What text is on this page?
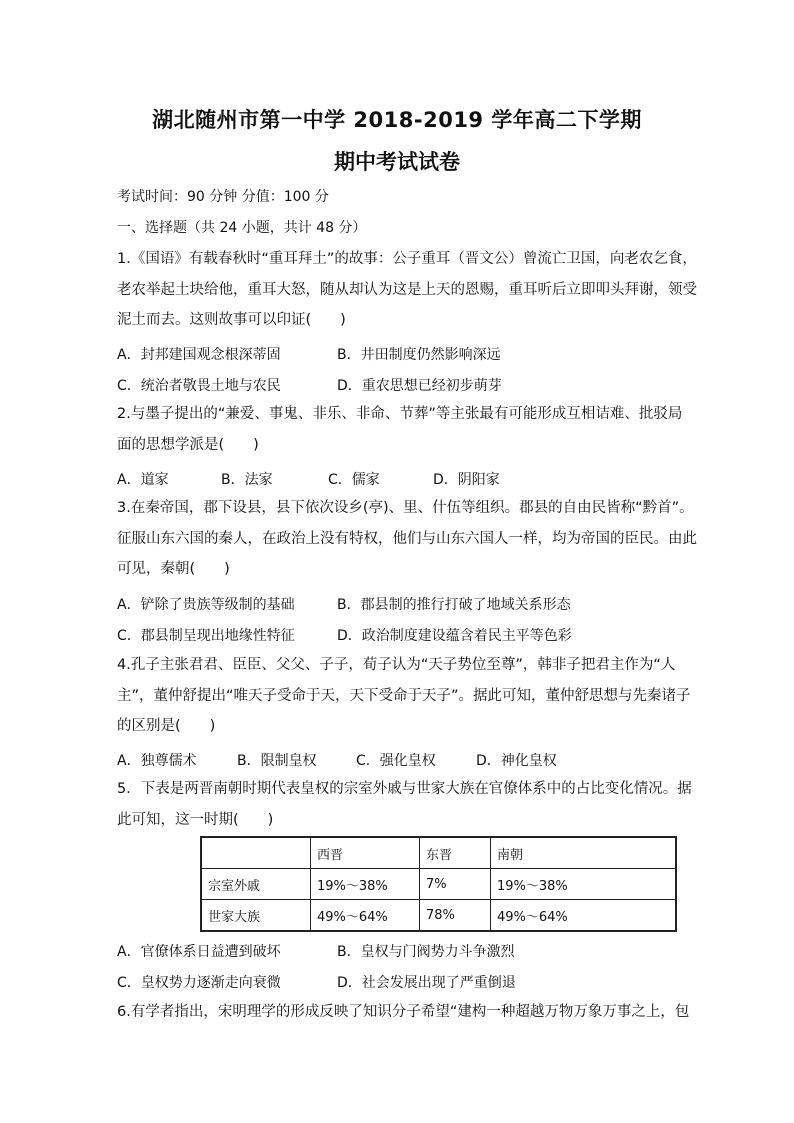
湖北随州市第一中学 2018-2019 学年高二下学期
期中考试试卷
考试时间：90 分钟 分值：100 分
一、选择题（共 24 小题，共计 48 分）

1.《国语》有载春秋时“重耳拜土”的故事：公子重耳（晋文公）曾流亡卫国，向老农乞食，

老农举起土块给他，重耳大怒，随从却认为这是上天的恩赐，重耳听后立即叩头拜谢，领受

泥土而去。这则故事可以印证(　　)

A．封邦建国观念根深蒂固	B．井田制度仍然影响深远
C．统治者敬畏土地与农民	D．重农思想已经初步萌芽

2.与墨子提出的“兼爱、事鬼、非乐、非命、节葬”等主张最有可能形成互相诘难、批驳局

面的思想学派是(　　)

A．道家	B．法家	C．儒家	D．阴阳家

3.在秦帝国，郡下设县，县下依次设乡(亭)、里、什伍等组织。郡县的自由民皆称“黔首”。

征服山东六国的秦人，在政治上没有特权，他们与山东六国人一样，均为帝国的臣民。由此

可见，秦朝(　　)

A．铲除了贵族等级制的基础	B．郡县制的推行打破了地域关系形态
C．郡县制呈现出地缘性特征	D．政治制度建设蕴含着民主平等色彩

4.孔子主张君君、臣臣、父父、子子，荀子认为“天子势位至尊”，韩非子把君主作为“人

主”，董仲舒提出“唯天子受命于天，天下受命于天子”。据此可知，董仲舒思想与先秦诸子

的区别是(　　)

A．独尊儒术	B．限制皇权	C．强化皇权	D．神化皇权

5．下表是两晋南朝时期代表皇权的宗室外戚与世家大族在官僚体系中的占比变化情况。据

此可知，这一时期(　　)

	西晋	东晋	南朝
宗室外戚	19%～38%	7%	19%～38%
世家大族	49%～64%	78%	49%～64%
A．官僚体系日益遭到破坏	B．皇权与门阀势力斗争激烈
C．皇权势力逐渐走向衰微	D．社会发展出现了严重倒退

6.有学者指出，宋明理学的形成反映了知识分子希望“建构一种超越万物万象万事之上，包
